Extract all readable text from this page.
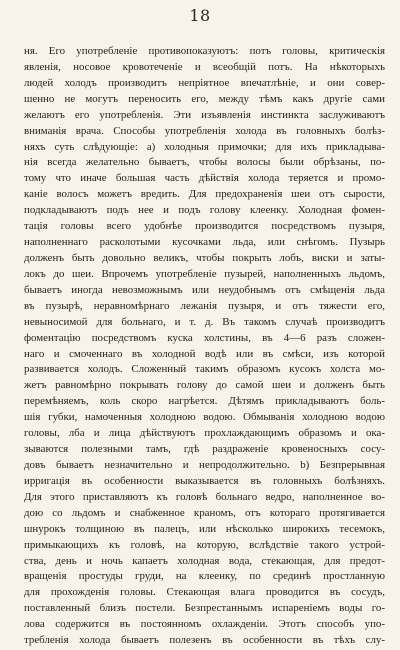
18
ня. Его употребленіе противопоказуютъ: потъ головы, критическія
явленія, носовое кровотеченіе и всеобщій потъ. На нѣкоторыхъ
людей холодъ производитъ непріятное впечатлѣніе, и они совер-
шенно не могутъ переносить его, между тѣмъ какъ другіе сами
желаютъ его употребленія. Эти изъявленія инстинкта заслуживаютъ
вниманія врача. Способы употребленія холода въ головныхъ болѣз-
няхъ суть слѣдующіе: а) холодныя примочки; для ихъ прикладыва-
нія всегда желательно бываетъ, чтобы волосы были обрѣзаны, по-
тому что иначе большая часть дѣйствія холода теряется и промо-
каніе волосъ можетъ вредить. Для предохраненія шеи отъ сырости,
подкладываютъ подъ нее и подъ голову клеенку. Холодная фомен-
тація головы всего удобнѣе производится посредствомъ пузыря,
наполненнаго расколотыми кусочками льда, или снѣгомъ. Пузырь
долженъ быть довольно великъ, чтобы покрыть лобъ, виски и заты-
локъ до шеи. Впрочемъ употребленіе пузырей, наполненныхъ льдомъ,
бываетъ иногда невозможнымъ или неудобнымъ отъ смѣщенія льда
въ пузырѣ, неравномѣрнаго лежанія пузыря, и отъ тяжести его,
невыносимой для больнаго, и т. д. Въ такомъ случаѣ производитъ
фоментацію посредствомъ куска холстины, въ 4—6 разъ сложен-
наго и смоченнаго въ холодной водѣ или въ смѣси, изъ которой
развивается холодъ. Сложенный такимъ образомъ кусокъ холста мо-
жетъ равномѣрно покрывать голову до самой шеи и долженъ быть
перемѣняемъ, коль скоро нагрѣется. Дѣтямъ прикладываютъ боль-
шія губки, намоченныя холодною водою. Обмыванія холодною водою
головы, лба и лица дѣйствуютъ прохлаждающимъ образомъ и ока-
зываются полезными тамъ, гдѣ раздраженіе кровеносныхъ сосу-
довъ бываетъ незначительно и непродолжительно. b) Безпрерывная
ирригація въ особенности выказывается въ головныхъ болѣзняхъ.
Для этого приставляютъ къ головѣ больнаго ведро, наполненное во-
дою со льдомъ и снабженное краномъ, отъ котораго протягивается
шнурокъ толщиною въ палецъ, или нѣсколько широкихъ тесемокъ,
примыкающихъ къ головѣ, на которую, вслѣдствіе такого устрой-
ства, день и ночь капаетъ холодная вода, стекающая, для предот-
вращенія простуды груди, на клеенку, по срединѣ простланную
для прохожденія головы. Стекающая влага проводится въ сосудъ,
поставленный близъ постели. Безпрестаннымъ испареніемъ воды го-
лова содержится въ постоянномъ охлажденіи. Этотъ способъ упо-
требленія холода бываетъ полезенъ въ особенности въ тѣхъ слу-
